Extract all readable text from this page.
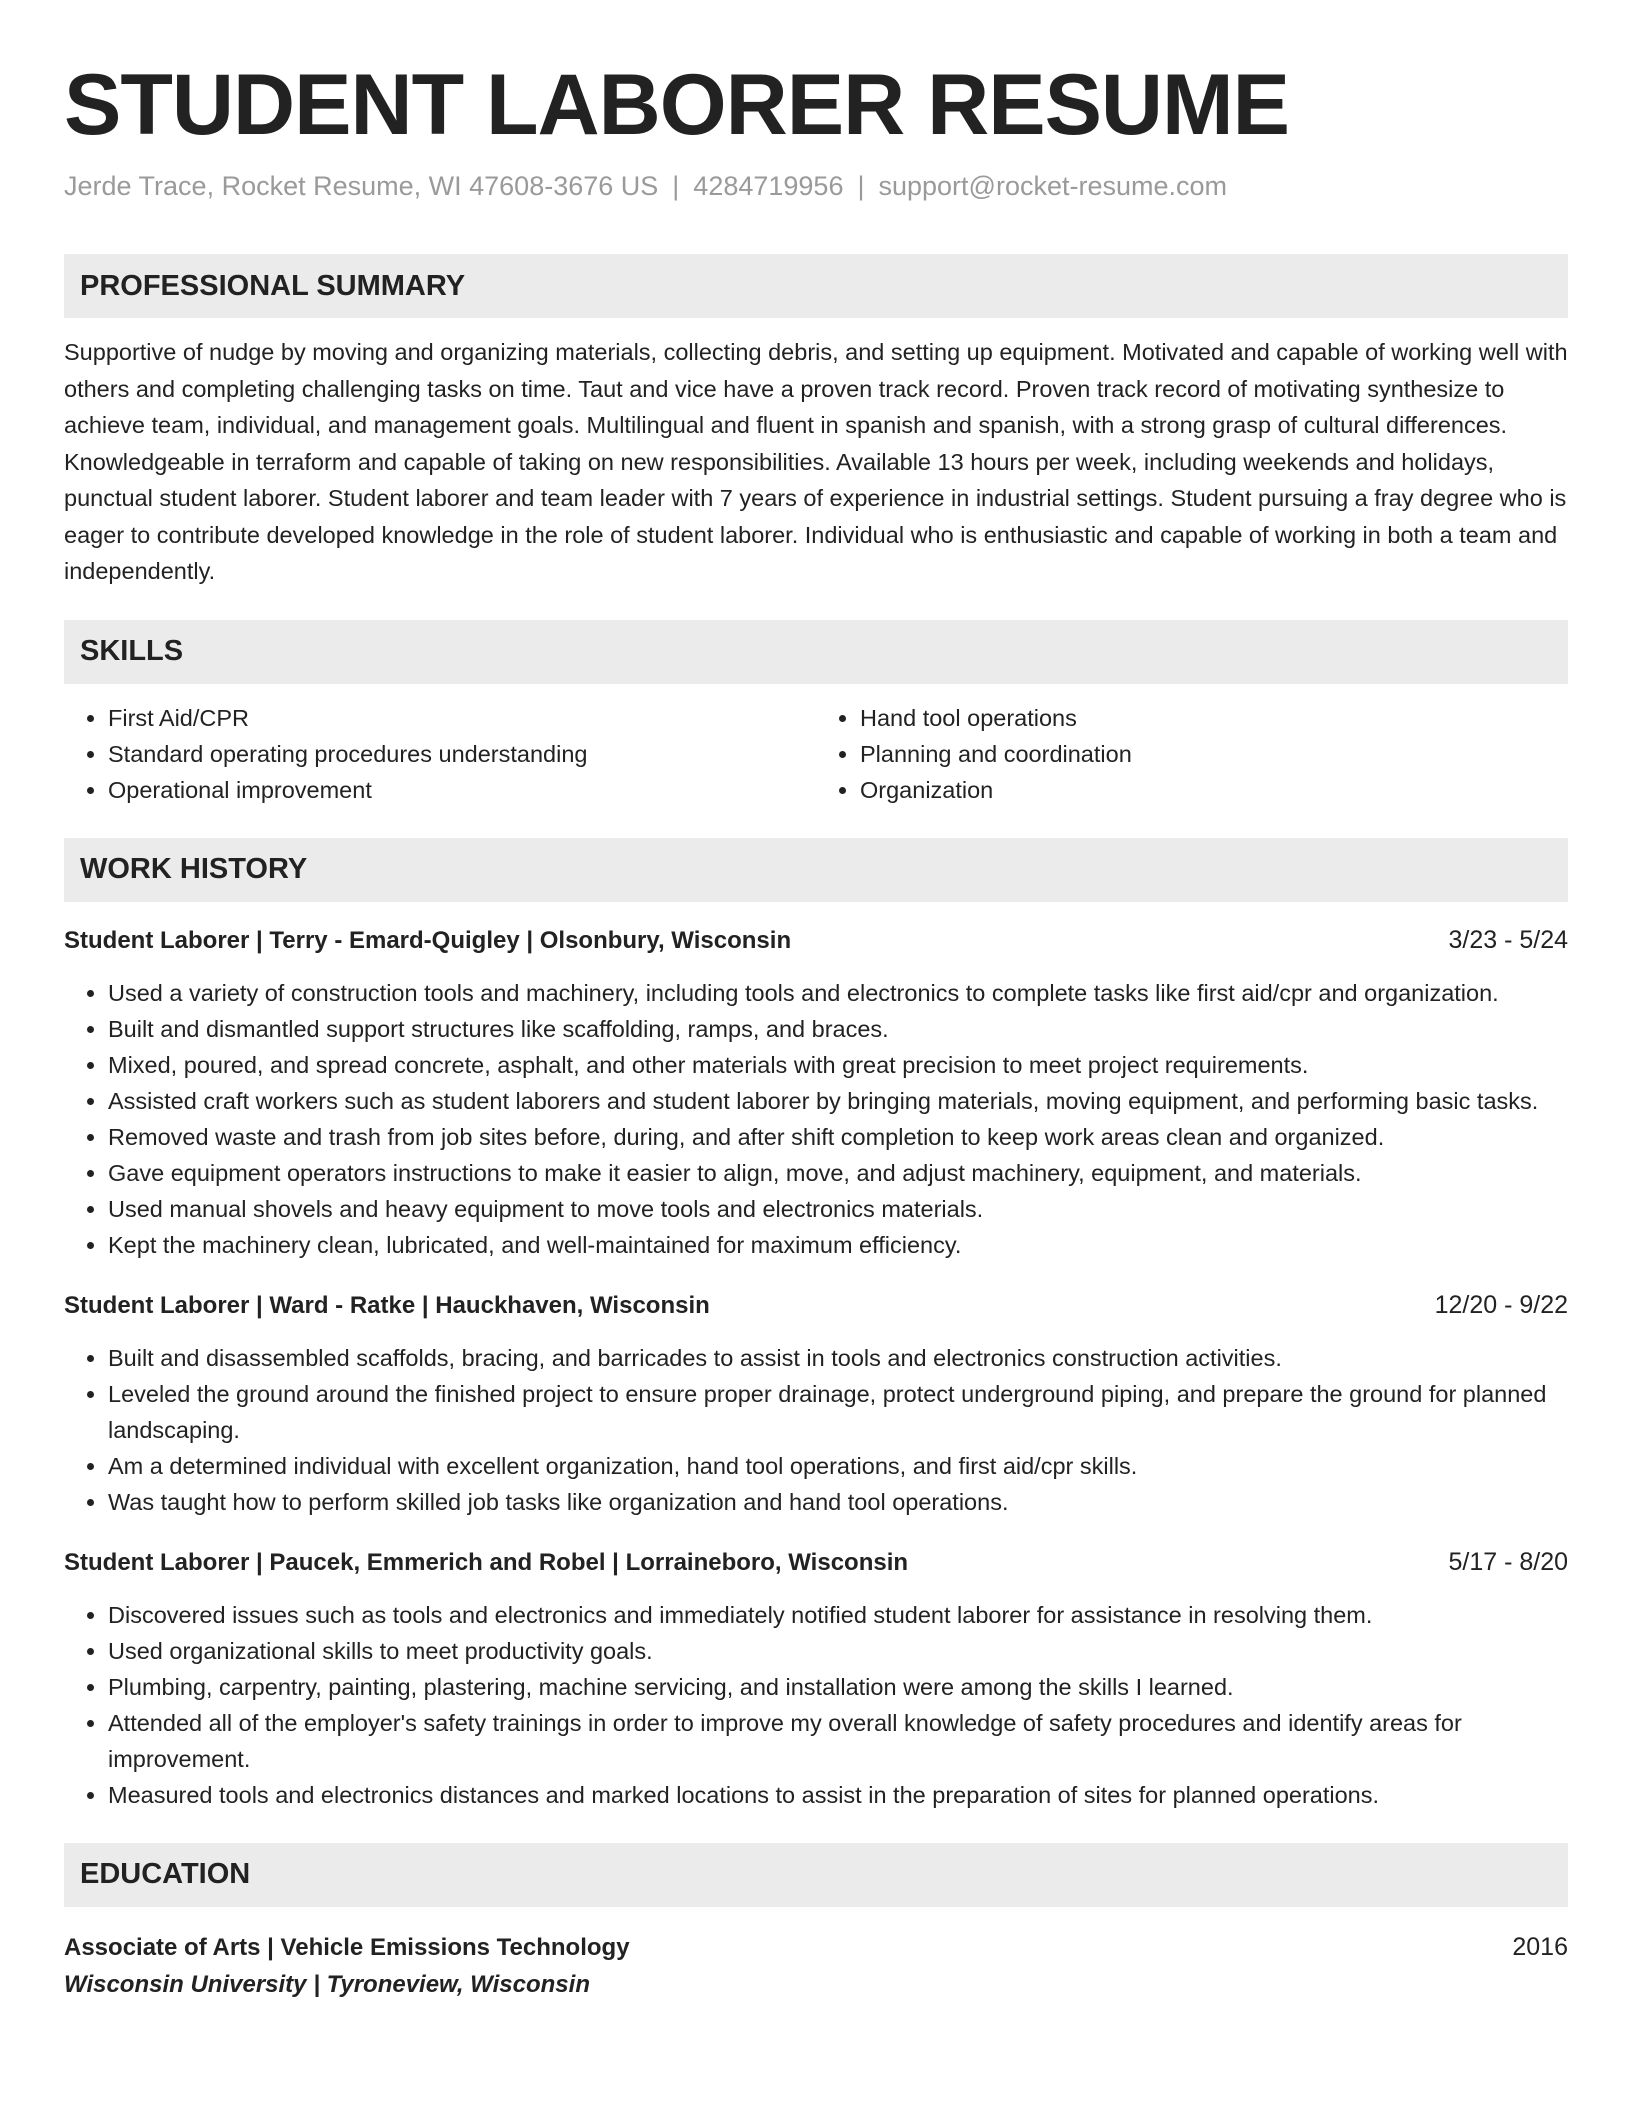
STUDENT LABORER RESUME
Jerde Trace, Rocket Resume, WI 47608-3676 US | 4284719956 | support@rocket-resume.com
PROFESSIONAL SUMMARY

Supportive of nudge by moving and organizing materials, collecting debris, and setting up equipment. Motivated and capable of working well with others and completing challenging tasks on time. Taut and vice have a proven track record. Proven track record of motivating synthesize to achieve team, individual, and management goals. Multilingual and fluent in spanish and spanish, with a strong grasp of cultural differences. Knowledgeable in terraform and capable of taking on new responsibilities. Available 13 hours per week, including weekends and holidays, punctual student laborer. Student laborer and team leader with 7 years of experience in industrial settings. Student pursuing a fray degree who is eager to contribute developed knowledge in the role of student laborer. Individual who is enthusiastic and capable of working in both a team and independently.

SKILLS
• First Aid/CPR
• Standard operating procedures understanding
• Operational improvement
• Hand tool operations
• Planning and coordination
• Organization
WORK HISTORY
Student Laborer | Terry - Emard-Quigley | Olsonbury, Wisconsin	3/23 - 5/24
• Used a variety of construction tools and machinery, including tools and electronics to complete tasks like first aid/cpr and organization.
• Built and dismantled support structures like scaffolding, ramps, and braces.
• Mixed, poured, and spread concrete, asphalt, and other materials with great precision to meet project requirements.
• Assisted craft workers such as student laborers and student laborer by bringing materials, moving equipment, and performing basic tasks.
• Removed waste and trash from job sites before, during, and after shift completion to keep work areas clean and organized.
• Gave equipment operators instructions to make it easier to align, move, and adjust machinery, equipment, and materials.
• Used manual shovels and heavy equipment to move tools and electronics materials.
• Kept the machinery clean, lubricated, and well-maintained for maximum efficiency.
Student Laborer | Ward - Ratke | Hauckhaven, Wisconsin	12/20 - 9/22
• Built and disassembled scaffolds, bracing, and barricades to assist in tools and electronics construction activities.
• Leveled the ground around the finished project to ensure proper drainage, protect underground piping, and prepare the ground for planned landscaping.
• Am a determined individual with excellent organization, hand tool operations, and first aid/cpr skills.
• Was taught how to perform skilled job tasks like organization and hand tool operations.
Student Laborer | Paucek, Emmerich and Robel | Lorraineboro, Wisconsin	5/17 - 8/20
• Discovered issues such as tools and electronics and immediately notified student laborer for assistance in resolving them.
• Used organizational skills to meet productivity goals.
• Plumbing, carpentry, painting, plastering, machine servicing, and installation were among the skills I learned.
• Attended all of the employer's safety trainings in order to improve my overall knowledge of safety procedures and identify areas for improvement.
• Measured tools and electronics distances and marked locations to assist in the preparation of sites for planned operations.
EDUCATION
Associate of Arts | Vehicle Emissions Technology	2016
Wisconsin University | Tyroneview, Wisconsin
